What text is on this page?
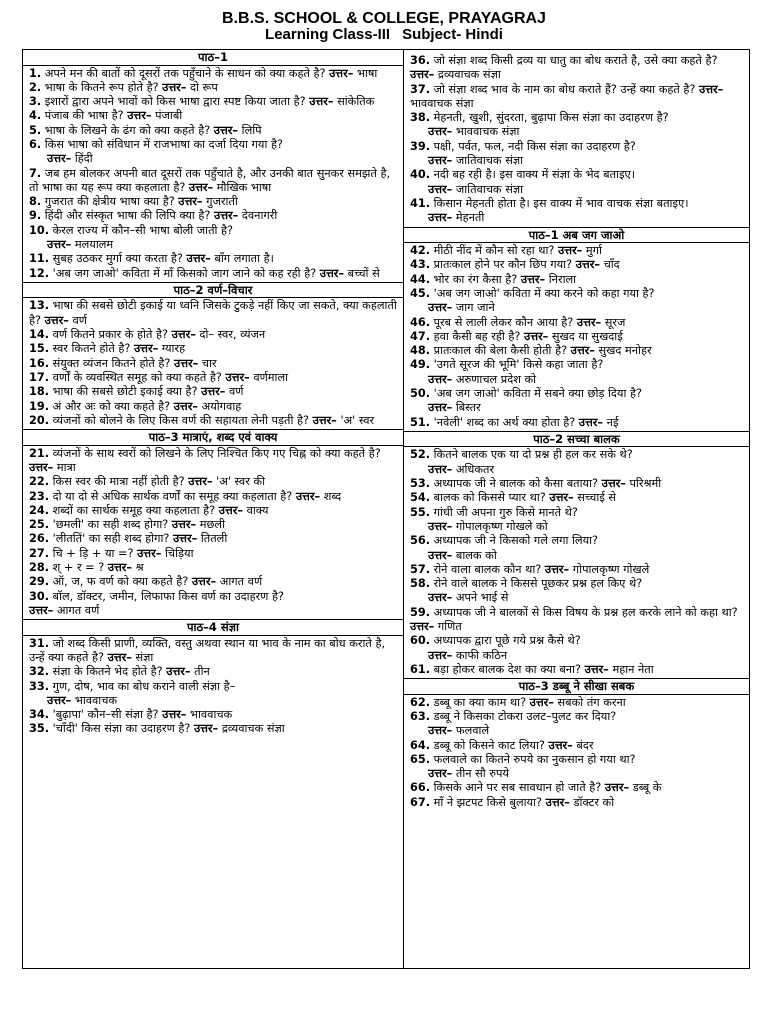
B.B.S. SCHOOL & COLLEGE, PRAYAGRAJ
Learning Class-III Subject- Hindi
पाठ–1
1. अपने मन की बातों को दूसरों तक पहुँचाने के साधन को क्या कहते है? उत्तर– भाषा
2. भाषा के कितने रूप होते है? उत्तर– दो रूप
3. इशारों द्वारा अपने भावों को किस भाषा द्वारा स्पष्ट किया जाता है? उत्तर– सांकेतिक
4. पंजाब की भाषा है? उत्तर– पंजाबी
5. भाषा के लिखने के ढंग को क्या कहते है? उत्तर– लिपि
6. किस भाषा को संविधान में राजभाषा का दर्जा दिया गया है?
उत्तर– हिंदी
7. जब हम बोलकर अपनी बात दूसरों तक पहुँचाते है, और उनकी बात सुनकर समझते है, तो भाषा का यह रूप क्या कहलाता है? उत्तर– मौखिक भाषा
8. गुजरात की क्षेत्रीय भाषा क्या है? उत्तर– गुजराती
9. हिंदी और संस्कृत भाषा की लिपि क्या है? उत्तर– देवनागरी
10. केरल राज्य में कौन–सी भाषा बोली जाती है?
उत्तर– मलयालम
11. सुबह उठकर मुर्गा क्या करता है? उत्तर– बाँग लगाता है।
12. 'अब जग जाओ' कविता में माँ किसको जाग जाने को कह रही है? उत्तर– बच्चों से
पाठ–2 वर्ण–विचार
13. भाषा की सबसे छोटी इकाई या ध्वनि जिसके टुकड़े नहीं किए जा सकते, क्या कहलाती है? उत्तर– वर्ण
14. वर्ण कितने प्रकार के होते है? उत्तर– दो– स्वर, व्यंजन
15. स्वर कितने होते है? उत्तर– ग्यारह
16. संयुक्त व्यंजन कितने होते है? उत्तर– चार
17. वर्णों के व्यवस्थित समूह को क्या कहते है? उत्तर– वर्णमाला
18. भाषा की सबसे छोटी इकाई क्या है? उत्तर– वर्ण
19. अं और अः को क्या कहते है? उत्तर– अयोगवाह
20. व्यंजनों को बोलने के लिए किस वर्ण की सहायता लेनी पड़ती है? उत्तर– 'अ' स्वर
पाठ–3 मात्राएं, शब्द एवं वाक्य
21. व्यंजनों के साथ स्वरों को लिखने के लिए निश्चित किए गए चिह्न को क्या कहते है? उत्तर– मात्रा
22. किस स्वर की मात्रा नहीं होती है? उत्तर– 'अ' स्वर की
23. दो या दो से अधिक सार्थक वर्णों का समूह क्या कहलाता है? उत्तर– शब्द
24. शब्दों का सार्थक समूह क्या कहलाता है? उत्तर– वाक्य
25. 'छमली' का सही शब्द होगा? उत्तर– मछली
26. 'लीततिं' का सही शब्द होगा? उत्तर– तितली
27. चि + ड़ि + या =? उत्तर– चिड़िया
28. श् + र = ? उत्तर– श्र
29. ऑ, ज, फ वर्ण को क्या कहते है? उत्तर– आगत वर्ण
30. बॉल, डॉक्टर, जमीन, लिफाफा किस वर्ण का उदाहरण है?
उत्तर– आगत वर्ण
पाठ–4 संज्ञा
31. जो शब्द किसी प्राणी, व्यक्ति, वस्तु अथवा स्थान या भाव के नाम का बोध कराते है, उन्हें क्या कहते है? उत्तर– संज्ञा
32. संज्ञा के कितने भेद होते है? उत्तर– तीन
33. गुण, दोष, भाव का बोध कराने वाली संज्ञा है–
उत्तर– भाववाचक
34. 'बुढ़ापा' कौन–सी संज्ञा है? उत्तर– भाववाचक
35. 'चाँदी' किस संज्ञा का उदाहरण है? उत्तर– द्रव्यवाचक संज्ञा
36. जो संज्ञा शब्द किसी द्रव्य या धातु का बोध कराते है, उसे क्या कहते है?
उत्तर– द्रव्यवाचक संज्ञा
37. जो संज्ञा शब्द भाव के नाम का बोध कराते हैं? उन्हें क्या कहते है? उत्तर– भाववाचक संज्ञा
38. मेहनती, खुशी, सुंदरता, बुढ़ापा किस संज्ञा का उदाहरण है?
उत्तर– भाववाचक संज्ञा
39. पक्षी, पर्वत, फल, नदी किस संज्ञा का उदाहरण है?
उत्तर– जातिवाचक संज्ञा
40. नदी बह रही है। इस वाक्य में संज्ञा के भेद बताइए।
उत्तर– जातिवाचक संज्ञा
41. किसान मेहनती होता है। इस वाक्य में भाव वाचक संज्ञा बताइए।
उत्तर– मेहनती
पाठ–1 अब जग जाओ
42. मीठी नींद में कौन सो रहा था? उत्तर– मुर्गा
43. प्रातःकाल होने पर कौन छिप गया? उत्तर– चाँद
44. भोर का रंग कैसा है? उत्तर– निराला
45. 'अब जग जाओ' कविता में क्या करने को कहा गया है?
उत्तर– जाग जाने
46. पूरब से लाली लेकर कौन आया है? उत्तर– सूरज
47. हवा कैसी बह रही है? उत्तर– सुखद या सुखदाई
48. प्रातःकाल की बेला कैसी होती है? उत्तर– सुखद मनोहर
49. 'उगते सूरज की भूमि' किसे कहा जाता है?
उत्तर– अरुणाचल प्रदेश को
50. 'अब जग जाओ' कविता में सबने क्या छोड़ दिया है?
उत्तर– बिस्तर
51. 'नवेली' शब्द का अर्थ क्या होता है? उत्तर– नई
पाठ–2 सच्चा बालक
52. कितने बालक एक या दो प्रश्न ही हल कर सके थे?
उत्तर– अधिकतर
53. अध्यापक जी ने बालक को कैसा बताया? उत्तर– परिश्रमी
54. बालक को किससे प्यार था? उत्तर– सच्चाई से
55. गांधी जी अपना गुरु किसे मानते थे?
उत्तर– गोपालकृष्ण गोखले को
56. अध्यापक जी ने किसको गले लगा लिया?
उत्तर– बालक को
57. रोने वाला बालक कौन था? उत्तर– गोपालकृष्ण गोखले
58. रोने वाले बालक ने किससे पूछकर प्रश्न हल किए थे?
उत्तर– अपने भाई से
59. अध्यापक जी ने बालकों से किस विषय के प्रश्न हल करके लाने को कहा था? उत्तर– गणित
60. अध्यापक द्वारा पूछे गये प्रश्न कैसे थे?
उत्तर– काफी कठिन
61. बड़ा होकर बालक देश का क्या बना? उत्तर– महान नेता
पाठ–3 डब्बू ने सीखा सबक
62. डब्बू का क्या काम था? उत्तर– सबको तंग करना
63. डब्बू ने किसका टोकरा उलट–पुलट कर दिया?
उत्तर– फलवाले
64. डब्बू को किसने काट लिया? उत्तर– बंदर
65. फलवाले का कितने रुपये का नुकसान हो गया था?
उत्तर– तीन सौ रुपये
66. किसके आने पर सब सावधान हो जाते है? उत्तर– डब्बू के
67. माँ ने झटपट किसे बुलाया? उत्तर– डॉक्टर को
